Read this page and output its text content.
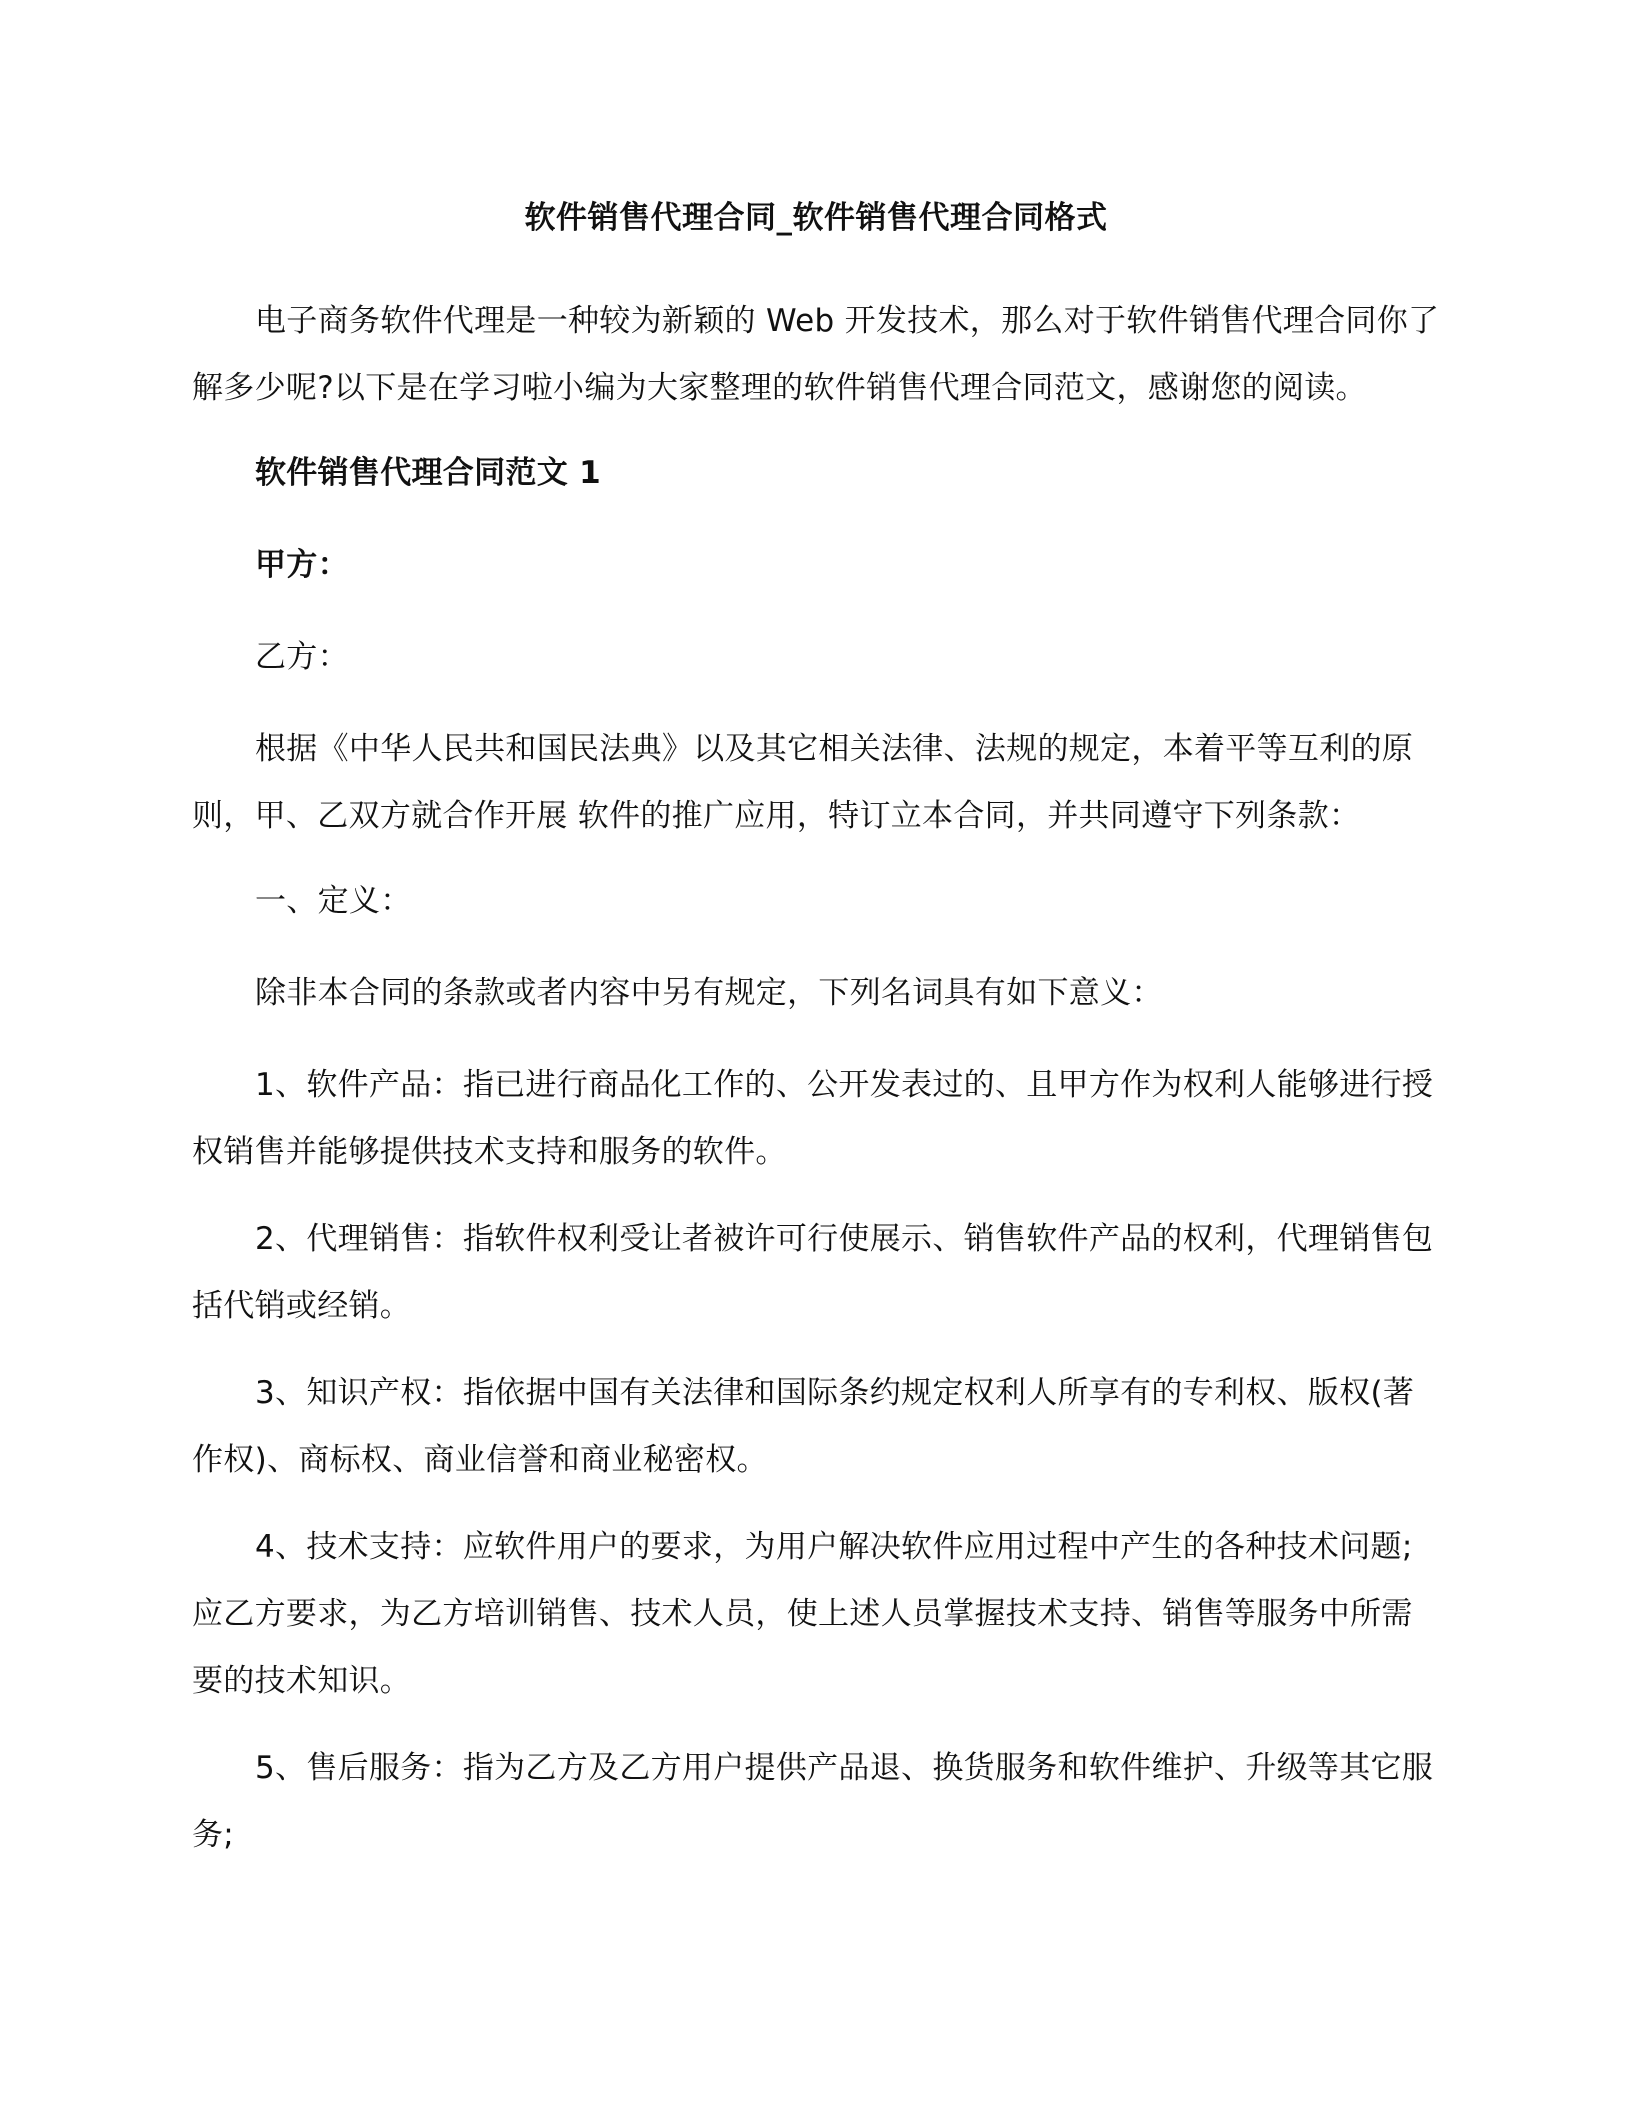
软件销售代理合同_软件销售代理合同格式

电子商务软件代理是一种较为新颖的 Web 开发技术，那么对于软件销售代理合同你了解多少呢?以下是在学习啦小编为大家整理的软件销售代理合同范文，感谢您的阅读。

软件销售代理合同范文 1

甲方：

乙方：

根据《中华人民共和国民法典》以及其它相关法律、法规的规定，本着平等互利的原则，甲、乙双方就合作开展 软件的推广应用，特订立本合同，并共同遵守下列条款：

一、定义：

除非本合同的条款或者内容中另有规定，下列名词具有如下意义：

1、软件产品：指已进行商品化工作的、公开发表过的、且甲方作为权利人能够进行授权销售并能够提供技术支持和服务的软件。

2、代理销售：指软件权利受让者被许可行使展示、销售软件产品的权利，代理销售包括代销或经销。

3、知识产权：指依据中国有关法律和国际条约规定权利人所享有的专利权、版权(著作权)、商标权、商业信誉和商业秘密权。

4、技术支持：应软件用户的要求，为用户解决软件应用过程中产生的各种技术问题;应乙方要求，为乙方培训销售、技术人员，使上述人员掌握技术支持、销售等服务中所需要的技术知识。

5、售后服务：指为乙方及乙方用户提供产品退、换货服务和软件维护、升级等其它服务;
